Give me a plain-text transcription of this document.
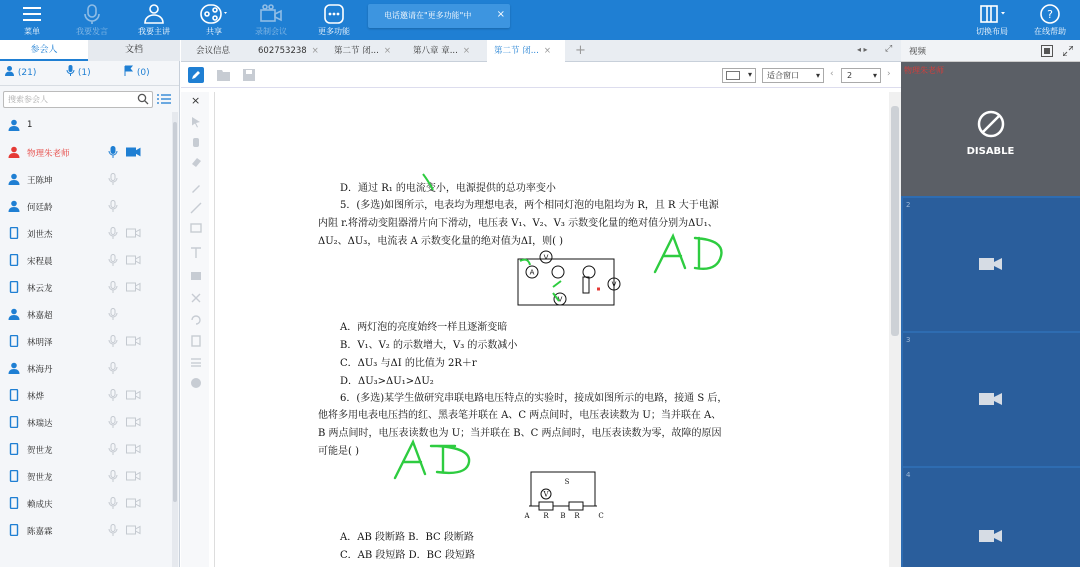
菜单	我要发言	我要主讲	共享	录制会议	更多功能	切换布局
?
在线帮助
电话邀请在"更多功能"中	×
参会人	文档
(21)	(1)	(0)
搜索参会人
1
物理朱老师
王陈坤
何廷龄
刘世杰
宋程晨
林云龙
林嘉超
林明泽
林海丹
林烨
林瑞达
贺世龙
贺世龙
赖成庆
陈嘉霖
会议信息	602753238 ×	第二节 闭... ×	第八章 章... ×	第二节 闭... ×	+	◂ ▸ ⤢
▾	适合窗口 ▾ ‹	2	▾ ›
×
D．通过 R₁ 的电流变小，电源提供的总功率变小
5．(多选)如图所示，电表均为理想电表，两个相同灯泡的电阻均为 R，且 R 大于电源
内阻 r.将滑动变阻器滑片向下滑动，电压表 V₁、V₂、V₃ 示数变化量的绝对值分别为ΔU₁、
ΔU₂、ΔU₃，电流表 A 示数变化量的绝对值为ΔI，则( )
V
A
V
V
A．两灯泡的亮度始终一样且逐渐变暗
B．V₁、V₂ 的示数增大，V₃ 的示数减小
C．ΔU₃ 与ΔI 的比值为 2R＋r
D．ΔU₃>ΔU₁>ΔU₂
6．(多选)某学生做研究串联电路电压特点的实验时，接成如图所示的电路，接通 S 后，
他将多用电表电压挡的红、黑表笔并联在 A、C 两点间时，电压表读数为 U；当并联在 A、
B 两点间时，电压表读数也为 U；当并联在 B、C 两点间时，电压表读数为零，故障的原因
可能是( )
V
S
A R B R	C
A．AB 段断路 B．BC 段断路
C．AB 段短路 D．BC 段短路
视频
物理朱老师
DISABLE
2
3
4
